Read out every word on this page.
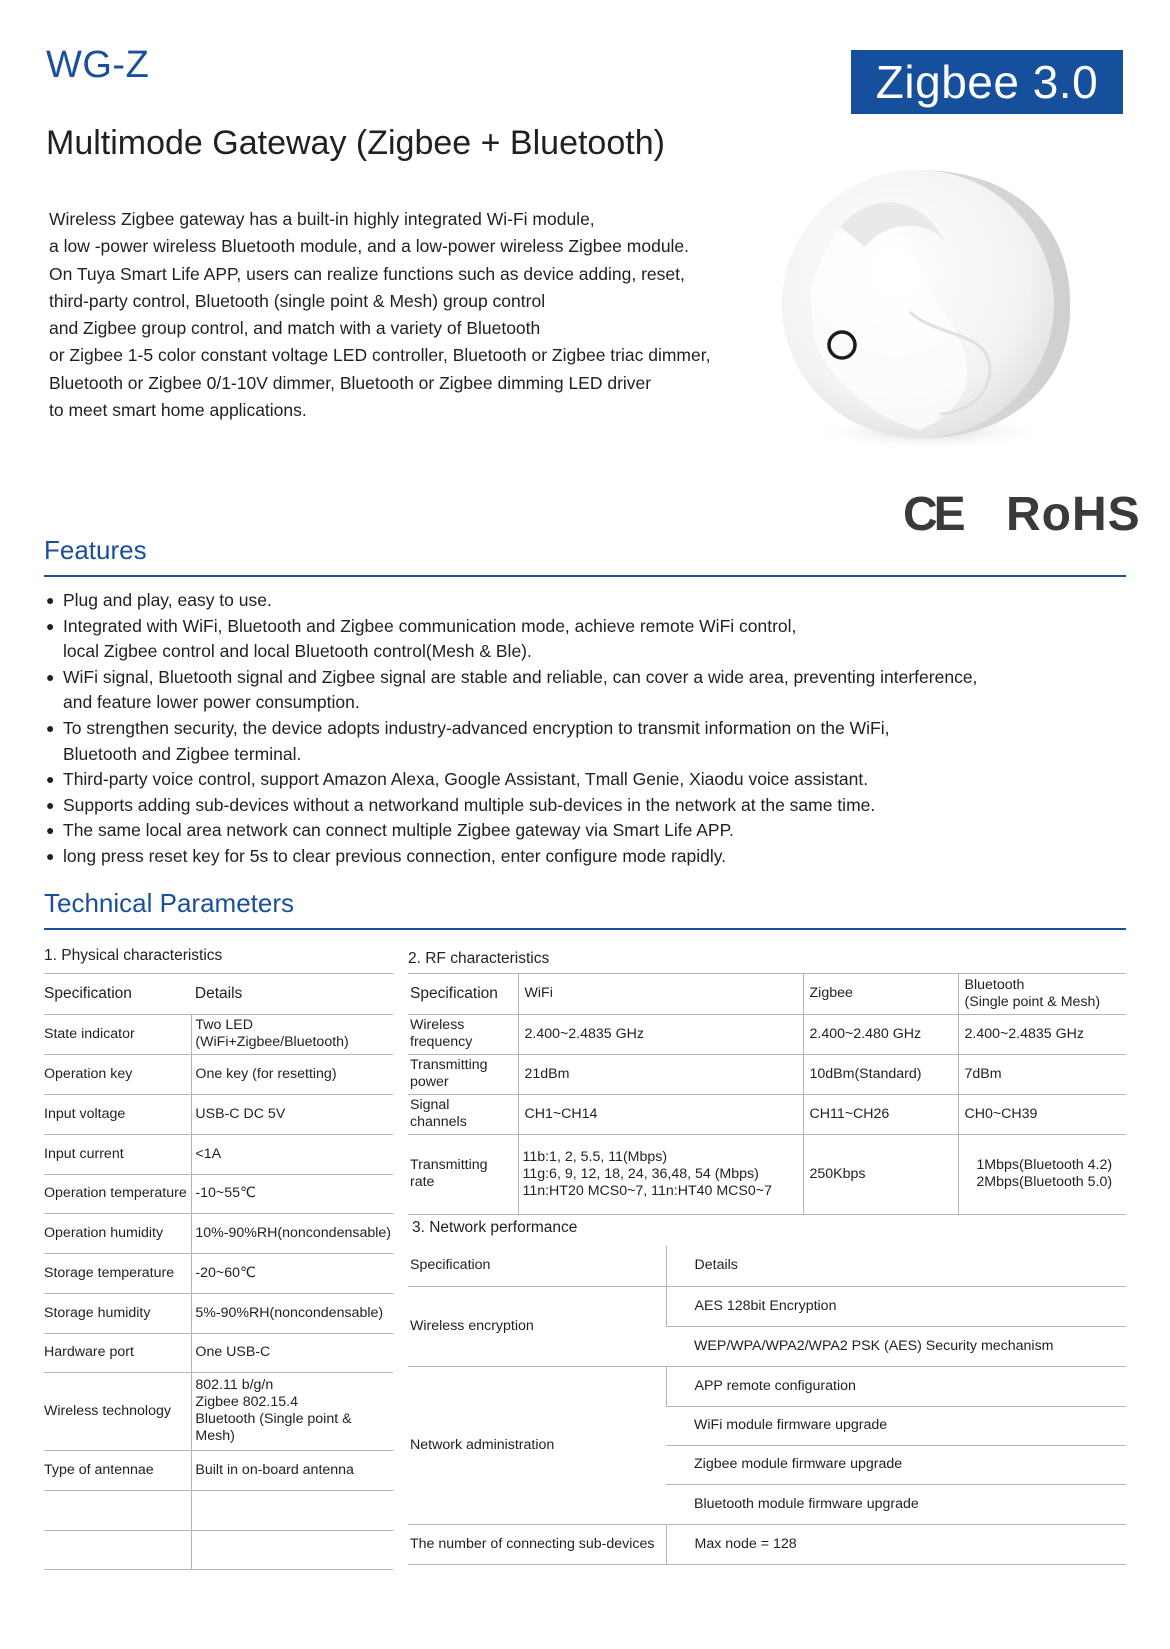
WG-Z	Zigbee 3.0
Multimode Gateway (Zigbee + Bluetooth)
Wireless Zigbee gateway has a built-in highly integrated Wi-Fi module,
a low -power wireless Bluetooth module, and a low-power wireless Zigbee module.
On Tuya Smart Life APP, users can realize functions such as device adding, reset,
third-party control, Bluetooth (single point & Mesh) group control
and Zigbee group control, and match with a variety of Bluetooth
or Zigbee 1-5 color constant voltage LED controller, Bluetooth or Zigbee triac dimmer,
Bluetooth or Zigbee 0/1-10V dimmer, Bluetooth or Zigbee dimming LED driver
to meet smart home applications.
CE RoHS
Features
● Plug and play, easy to use.
● Integrated with WiFi, Bluetooth and Zigbee communication mode, achieve remote WiFi control,
local Zigbee control and local Bluetooth control(Mesh & Ble).
● WiFi signal, Bluetooth signal and Zigbee signal are stable and reliable, can cover a wide area, preventing interference,
and feature lower power consumption.
● To strengthen security, the device adopts industry-advanced encryption to transmit information on the WiFi,
Bluetooth and Zigbee terminal.
● Third-party voice control, support Amazon Alexa, Google Assistant, Tmall Genie, Xiaodu voice assistant.
● Supports adding sub-devices without a networkand multiple sub-devices in the network at the same time.
● The same local area network can connect multiple Zigbee gateway via Smart Life APP.
● long press reset key for 5s to clear previous connection, enter configure mode rapidly.
Technical Parameters
1. Physical characteristics
Specification	Details
State indicator	Two LED
(WiFi+Zigbee/Bluetooth)

Operation key	One key (for resetting)
Input voltage	USB-C DC 5V
Input current	<1A
Operation temperature	-10~55℃
Operation humidity	10%-90%RH(noncondensable)
Storage temperature	-20~60℃
Storage humidity	5%-90%RH(noncondensable)
Hardware port	One USB-C
Wireless technology	802.11 b/g/n
Zigbee 802.15.4
Bluetooth (Single point & Mesh)

Type of antennae	Built in on-board antenna

2. RF characteristics
Specification	WiFi	Zigbee	Bluetooth
(Single point & Mesh)
Wireless
frequency	2.400~2.4835 GHz	2.400~2.480 GHz	2.400~2.4835 GHz
Transmitting
power	21dBm	10dBm(Standard)	7dBm
Signal
channels	CH1~CH14	CH11~CH26	CH0~CH39
Transmitting
rate	11b:1, 2, 5.5, 11(Mbps)
11g:6, 9, 12, 18, 24, 36,48, 54 (Mbps)
11n:HT20 MCS0~7, 11n:HT40 MCS0~7	250Kbps	1Mbps(Bluetooth 4.2)
2Mbps(Bluetooth 5.0)
3. Network performance
Specification	Details
Wireless encryption	AES 128bit Encryption
	WEP/WPA/WPA2/WPA2 PSK (AES) Security mechanism
Network administration	APP remote configuration
	WiFi module firmware upgrade
	Zigbee module firmware upgrade
	Bluetooth module firmware upgrade
The number of connecting sub-devices	Max node = 128
